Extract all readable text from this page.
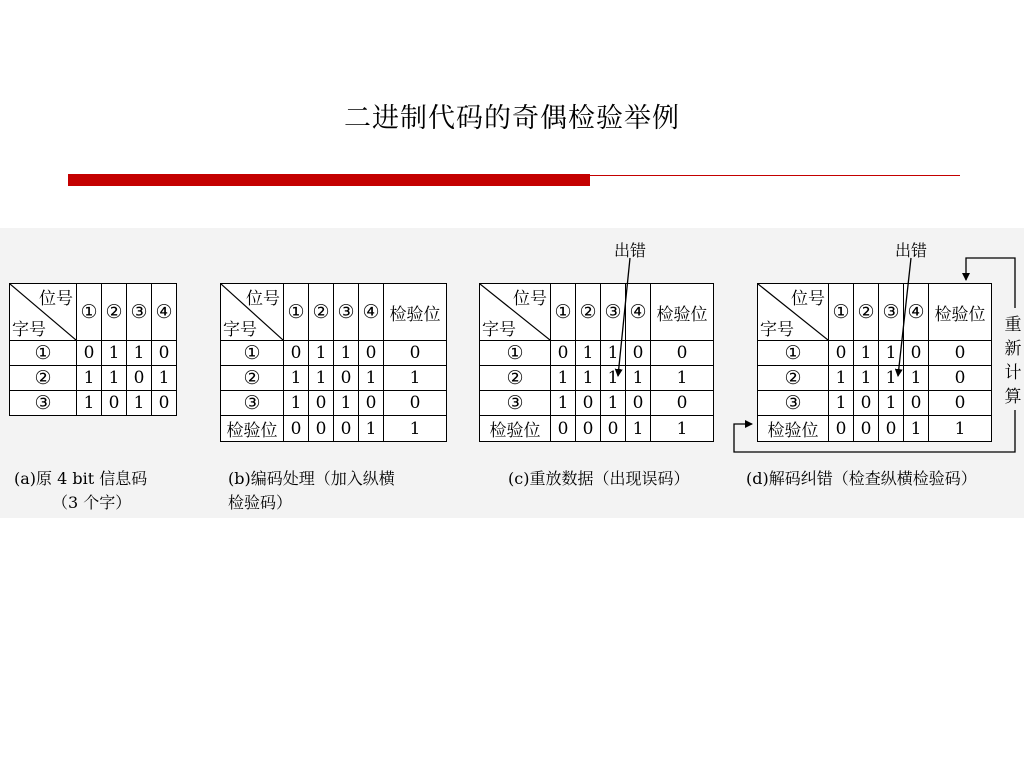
二进制代码的奇偶检验举例
位号
字号	①	②	③	④
①	0	1	1	0
②	1	1	0	1
③	1	0	1	0
(a)原 4 bit 信息码
（3 个字）
位号
字号	①	②	③	④	检验位
①	0	1	1	0	0
②	1	1	0	1	1
③	1	0	1	0	0
检验位	0	0	0	1	1
(b)编码处理（加入纵横
检验码）
出错
位号
字号	①	②	③	④	检验位
①	0	1	1	0	0
②	1	1	1	1	1
③	1	0	1	0	0
检验位	0	0	0	1	1
(c)重放数据（出现误码）
出错
位号
字号	①	②	③	④	检验位
①	0	1	1	0	0
②	1	1	1	1	0
③	1	0	1	0	0
检验位	0	0	0	1	1
(d)解码纠错（检查纵横检验码）
重
新
计
算
